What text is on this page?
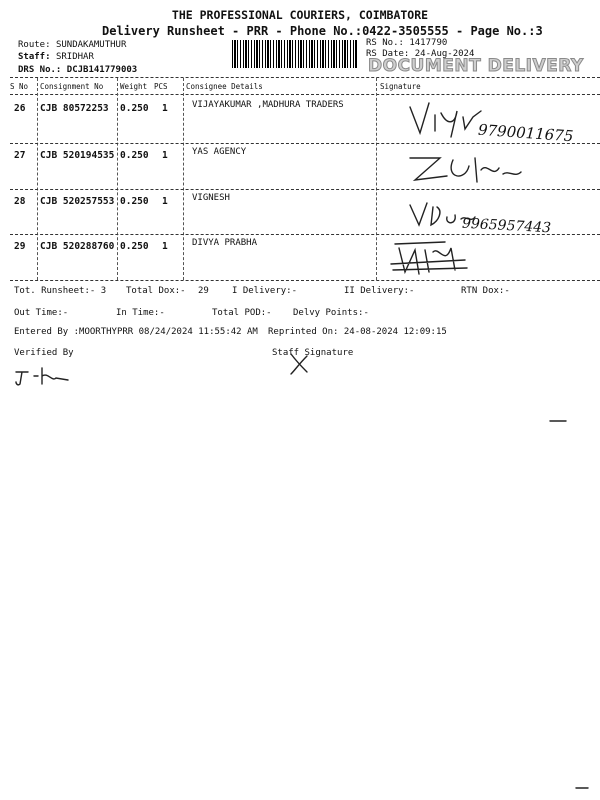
THE PROFESSIONAL COURIERS, COIMBATORE
Delivery Runsheet - PRR - Phone No.:0422-3505555 - Page No.:3
Route: SUNDAKAMUTHUR
Staff: SRIDHAR
DRS No.: DCJB141779003
RS No.: 1417790
RS Date: 24-Aug-2024
DOCUMENT DELIVERY
S No Consignment No Weight PCS Consignee Details	Signature
26 CJB 80572253 0.250 1	VIJAYAKUMAR ,MADHURA TRADERS
9790011675
27 CJB 520194535 0.250 1	YAS AGENCY
28 CJB 520257553 0.250 1	VIGNESH
9965957443
29 CJB 520288760 0.250 1	DIVYA PRABHA
Tot. Runsheet:- 3 Total Dox:- 29	I Delivery:-	II Delivery:-	RTN Dox:-
Out Time:-	In Time:-	Total POD:- Delvy Points:-
Entered By :MOORTHYPRR 08/24/2024 11:55:42 AM Reprinted On: 24-08-2024 12:09:15
Verified By	Staff Signature
